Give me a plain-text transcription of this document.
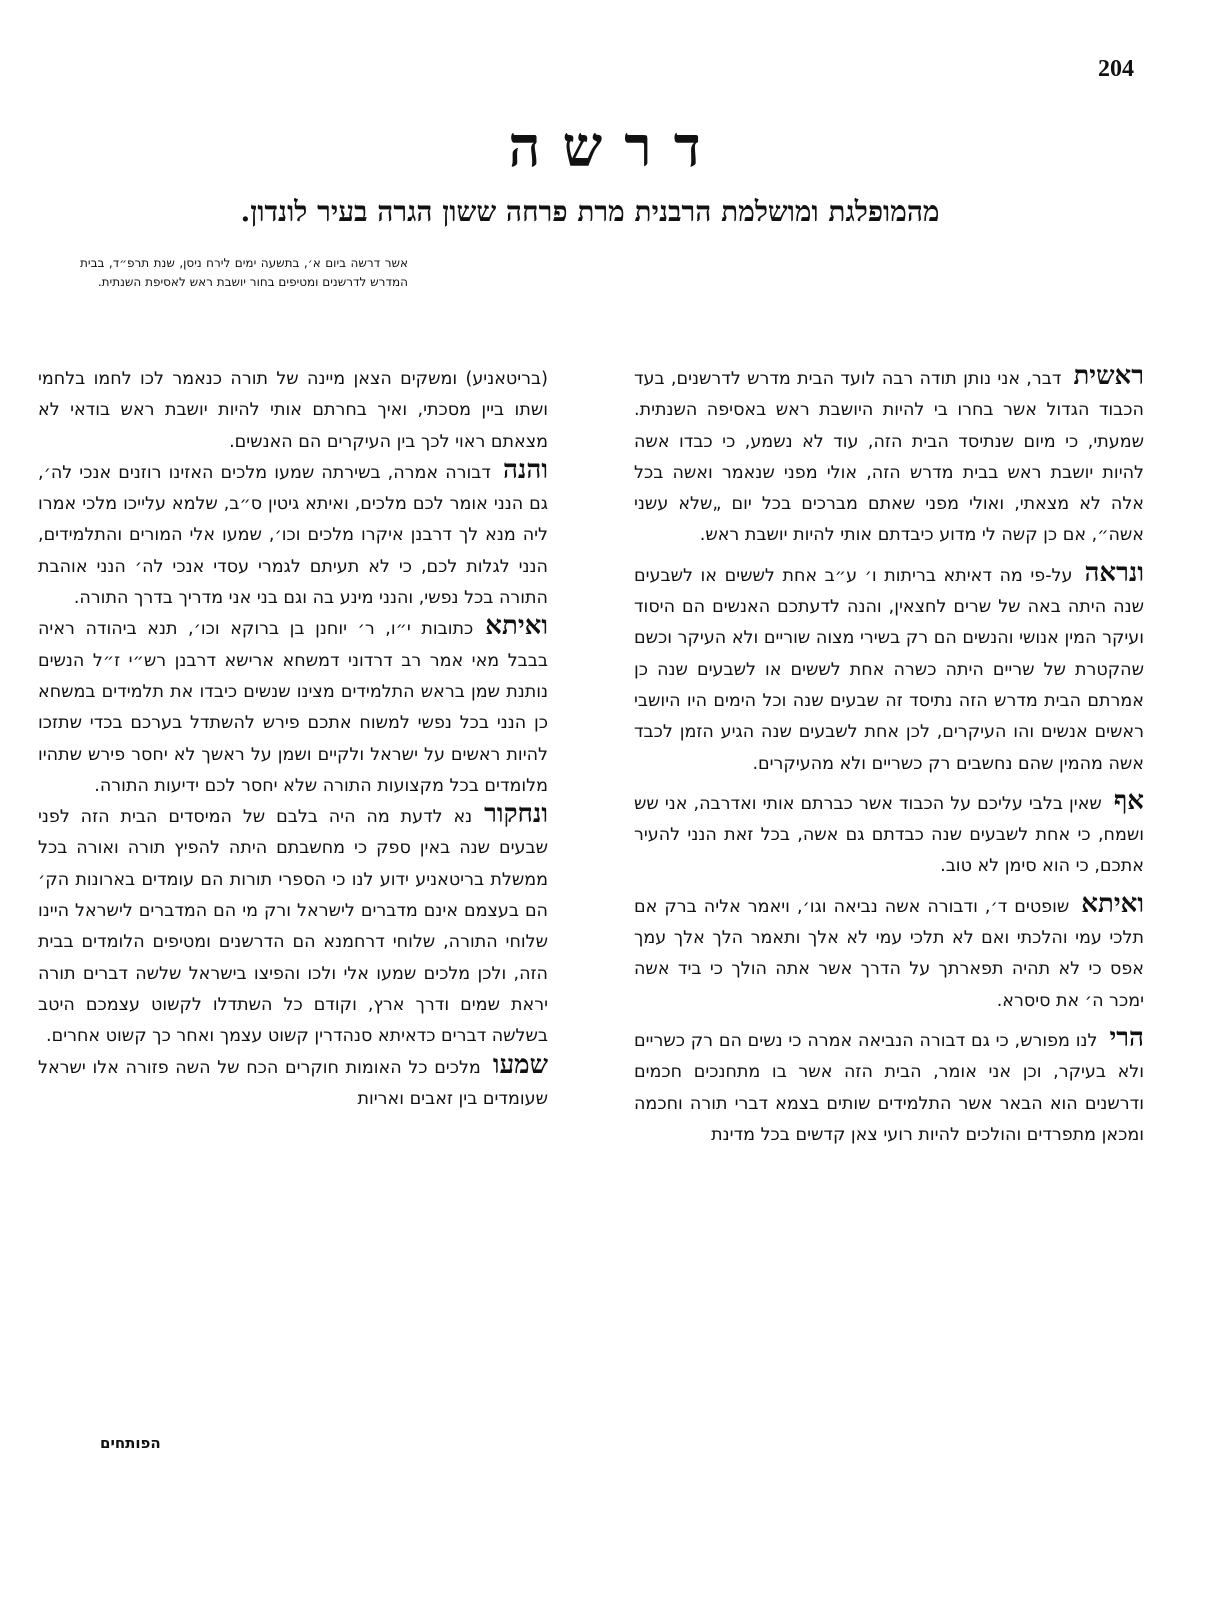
204
דרשה
מהמופלגת ומושלמת הרבנית מרת פרחה ששון הגרה בעיר לונדון.
אשר דרשה ביום א׳, בתשעה ימים לירח ניסן, שנת תרפ״ד, בבית המדרש לדרשנים ומטיפים בחור יושבת ראש לאסיפת השנתית.

ראשיתדבר, אני נותן תודה רבה לועד הבית מדרש לדרשנים, בעד הכבוד הגדול אשר בחרו בי להיות היושבת ראש באסיפה השנתית. שמעתי, כי מיום שנתיסד הבית הזה, עוד לא נשמע, כי כבדו אשה להיות יושבת ראש בבית מדרש הזה, אולי מפני שנאמר ואשה בכל אלה לא מצאתי, ואולי מפני שאתם מברכים בכל יום „שלא עשני אשה״, אם כן קשה לי מדוע כיבדתם אותי להיות יושבת ראש.

ונראהעל-פי מה דאיתא בריתות ו׳ ע״ב אחת לששים או לשבעים שנה היתה באה של שרים לחצאין, והנה לדעתכם האנשים הם היסוד ועיקר המין אנושי והנשים הם רק בשירי מצוה שוריים ולא העיקר וכשם שהקטרת של שריים היתה כשרה אחת לששים או לשבעים שנה כן אמרתם הבית מדרש הזה נתיסד זה שבעים שנה וכל הימים היו היושבי ראשים אנשים והו העיקרים, לכן אחת לשבעים שנה הגיע הזמן לכבד אשה מהמין שהם נחשבים רק כשריים ולא מהעיקרים.

אףשאין בלבי עליכם על הכבוד אשר כברתם אותי ואדרבה, אני שש ושמח, כי אחת לשבעים שנה כבדתם גם אשה, בכל זאת הנני להעיר אתכם, כי הוא סימן לא טוב.

ואיתאשופטים ד׳, ודבורה אשה נביאה וגו׳, ויאמר אליה ברק אם תלכי עמי והלכתי ואם לא תלכי עמי לא אלך ותאמר הלך אלך עמך אפס כי לא תהיה תפארתך על הדרך אשר אתה הולך כי ביד אשה ימכר ה׳ את סיסרא.

הרילנו מפורש, כי גם דבורה הנביאה אמרה כי נשים הם רק כשריים ולא בעיקר, וכן אני אומר, הבית הזה אשר בו מתחנכים חכמים ודרשנים הוא הבאר אשר התלמידים שותים בצמא דברי תורה וחכמה ומכאן מתפרדים והולכים להיות רועי צאן קדשים בכל מדינת

(בריטאניע) ומשקים הצאן מיינה של תורה כנאמר לכו לחמו בלחמי ושתו ביין מסכתי, ואיך בחרתם אותי להיות יושבת ראש בודאי לא מצאתם ראוי לכך בין העיקרים הם האנשים.

והנהדבורה אמרה, בשירתה שמעו מלכים האזינו רוזנים אנכי לה׳, גם הנני אומר לכם מלכים, ואיתא גיטין ס״ב, שלמא עלייכו מלכי אמרו ליה מנא לך דרבנן איקרו מלכים וכו׳, שמעו אלי המורים והתלמידים, הנני לגלות לכם, כי לא תעיתם לגמרי עסדי אנכי לה׳ הנני אוהבת התורה בכל נפשי, והנני מינע בה וגם בני אני מדריך בדרך התורה.

ואיתאכתובות י״ו, ר׳ יוחנן בן ברוקא וכו׳, תנא ביהודה ראיה בבבל מאי אמר רב דרדוני דמשחא ארישא דרבנן רש״י ז״ל הנשים נותנת שמן בראש התלמידים מצינו שנשים כיבדו את תלמידים במשחא כן הנני בכל נפשי למשוח אתכם פירש להשתדל בערכם בכדי שתזכו להיות ראשים על ישראל ולקיים ושמן על ראשך לא יחסר פירש שתהיו מלומדים בכל מקצועות התורה שלא יחסר לכם ידיעות התורה.

ונחקורנא לדעת מה היה בלבם של המיסדים הבית הזה לפני שבעים שנה באין ספק כי מחשבתם היתה להפיץ תורה ואורה בכל ממשלת בריטאניע ידוע לנו כי הספרי תורות הם עומדים בארונות הק׳ הם בעצמם אינם מדברים לישראל ורק מי הם המדברים לישראל היינו שלוחי התורה, שלוחי דרחמנא הם הדרשנים ומטיפים הלומדים בבית הזה, ולכן מלכים שמעו אלי ולכו והפיצו בישראל שלשה דברים תורה יראת שמים ודרך ארץ, וקודם כל השתדלו לקשוט עצמכם היטב בשלשה דברים כדאיתא סנהדרין קשוט עצמך ואחר כך קשוט אחרים.

שמעומלכים כל האומות חוקרים הכח של השה פזורה אלו ישראל שעומדים בין זאבים ואריות

הפותחים
